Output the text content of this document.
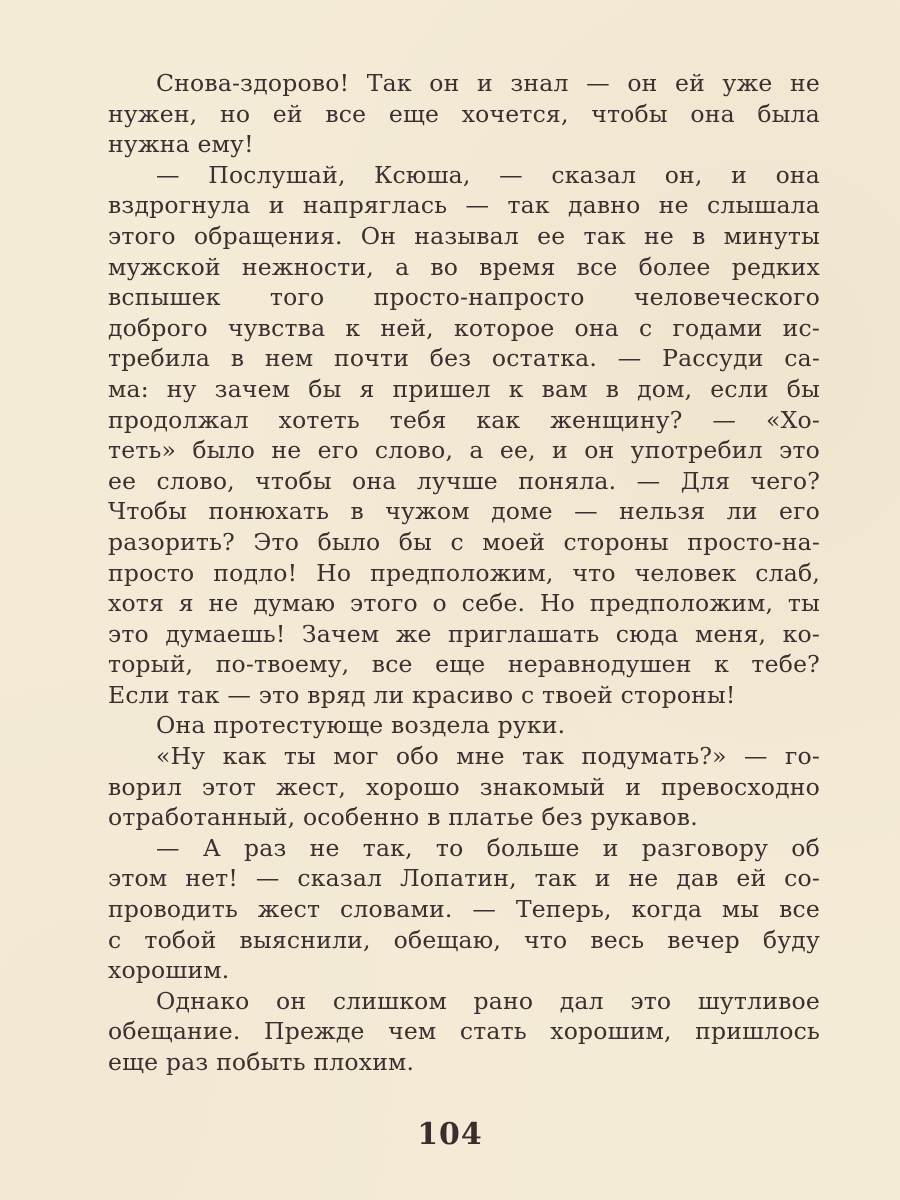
Снова-здорово! Так он и знал — он ей уже не
нужен, но ей все еще хочется, чтобы она была
нужна ему!
— Послушай, Ксюша, — сказал он, и она
вздрогнула и напряглась — так давно не слышала
этого обращения. Он называл ее так не в минуты
мужской нежности, а во время все более редких
вспышек того просто-напросто человеческого
доброго чувства к ней, которое она с годами ис-
требила в нем почти без остатка. — Рассуди са-
ма: ну зачем бы я пришел к вам в дом, если бы
продолжал хотеть тебя как женщину? — «Хо-
теть» было не его слово, а ее, и он употребил это
ее слово, чтобы она лучше поняла. — Для чего?
Чтобы понюхать в чужом доме — нельзя ли его
разорить? Это было бы с моей стороны просто-на-
просто подло! Но предположим, что человек слаб,
хотя я не думаю этого о себе. Но предположим, ты
это думаешь! Зачем же приглашать сюда меня, ко-
торый, по-твоему, все еще неравнодушен к тебе?
Если так — это вряд ли красиво с твоей стороны!
Она протестующе воздела руки.
«Ну как ты мог обо мне так подумать?» — го-
ворил этот жест, хорошо знакомый и превосходно
отработанный, особенно в платье без рукавов.
— А раз не так, то больше и разговору об
этом нет! — сказал Лопатин, так и не дав ей со-
проводить жест словами. — Теперь, когда мы все
с тобой выяснили, обещаю, что весь вечер буду
хорошим.
Однако он слишком рано дал это шутливое
обещание. Прежде чем стать хорошим, пришлось
еще раз побыть плохим.
104
